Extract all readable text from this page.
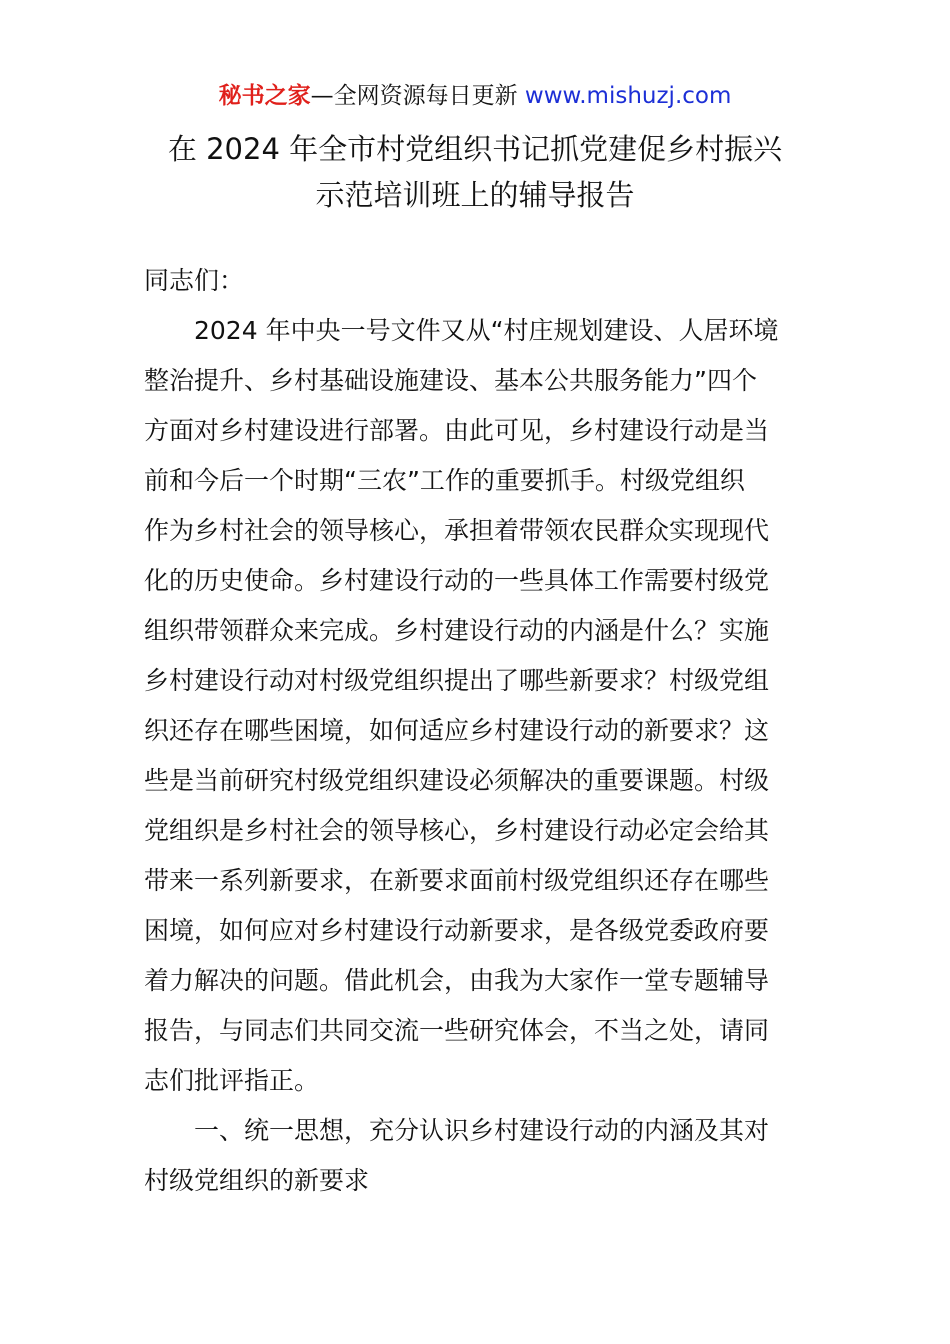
秘书之家—全网资源每日更新 www.mishuzj.com
在 2024 年全市村党组织书记抓党建促乡村振兴
示范培训班上的辅导报告
同志们：
2024 年中央一号文件又从“村庄规划建设、人居环境
整治提升、乡村基础设施建设、基本公共服务能力”四个
方面对乡村建设进行部署。由此可见，乡村建设行动是当
前和今后一个时期“三农”工作的重要抓手。村级党组织
作为乡村社会的领导核心，承担着带领农民群众实现现代
化的历史使命。乡村建设行动的一些具体工作需要村级党
组织带领群众来完成。乡村建设行动的内涵是什么？实施
乡村建设行动对村级党组织提出了哪些新要求？村级党组
织还存在哪些困境，如何适应乡村建设行动的新要求？这
些是当前研究村级党组织建设必须解决的重要课题。村级
党组织是乡村社会的领导核心，乡村建设行动必定会给其
带来一系列新要求，在新要求面前村级党组织还存在哪些
困境，如何应对乡村建设行动新要求，是各级党委政府要
着力解决的问题。借此机会，由我为大家作一堂专题辅导
报告，与同志们共同交流一些研究体会，不当之处，请同
志们批评指正。
一、统一思想，充分认识乡村建设行动的内涵及其对
村级党组织的新要求
